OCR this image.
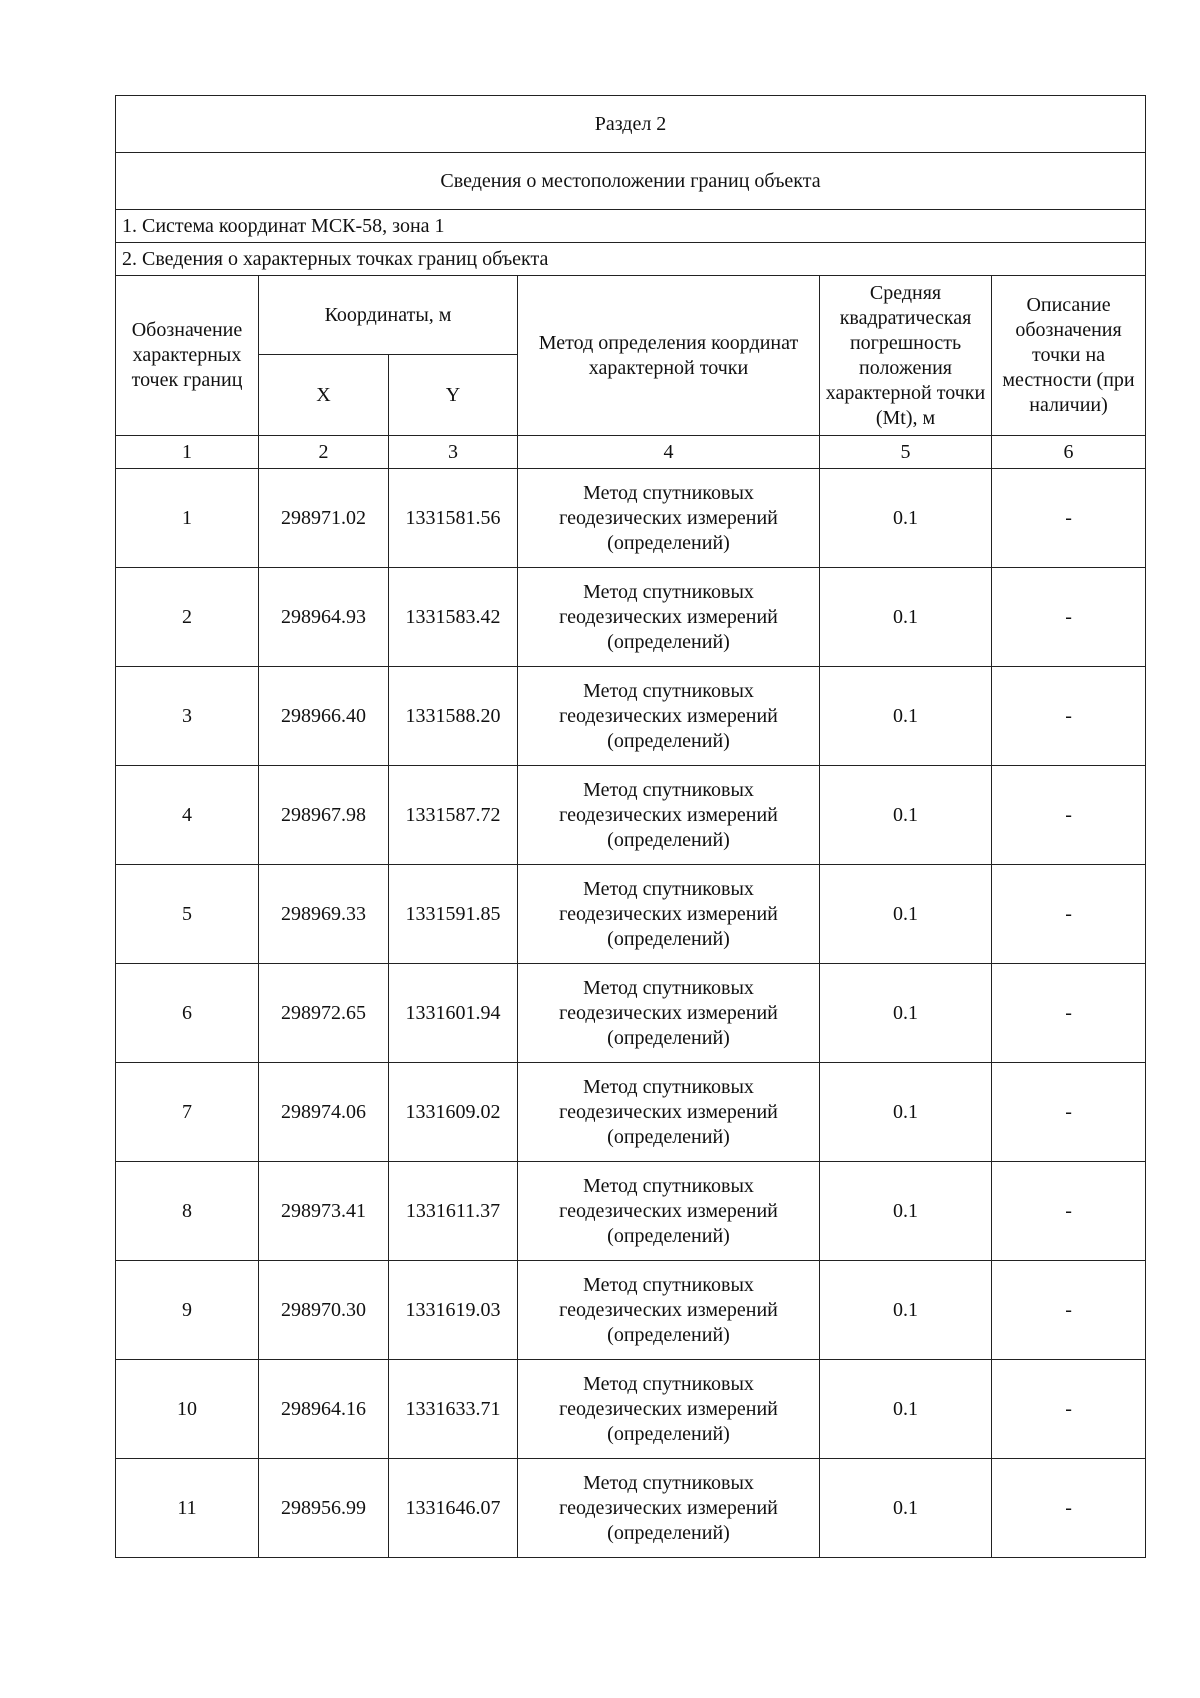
Раздел 2					
Сведения о местоположении границ объекта					
1. Система координат МСК-58, зона 1					
2. Сведения о характерных точках границ объекта					
Обозначение характерных точек границ	Координаты, м		Метод определения координат характерной точки	Средняя квадратическая погрешность положения характерной точки (Mt), м	Описание обозначения точки на местности (при наличии)
	X	Y			
1	2	3	4	5	6
1	298971.02	1331581.56	Метод спутниковых геодезических измерений (определений)	0.1	-
2	298964.93	1331583.42	Метод спутниковых геодезических измерений (определений)	0.1	-
3	298966.40	1331588.20	Метод спутниковых геодезических измерений (определений)	0.1	-
4	298967.98	1331587.72	Метод спутниковых геодезических измерений (определений)	0.1	-
5	298969.33	1331591.85	Метод спутниковых геодезических измерений (определений)	0.1	-
6	298972.65	1331601.94	Метод спутниковых геодезических измерений (определений)	0.1	-
7	298974.06	1331609.02	Метод спутниковых геодезических измерений (определений)	0.1	-
8	298973.41	1331611.37	Метод спутниковых геодезических измерений (определений)	0.1	-
9	298970.30	1331619.03	Метод спутниковых геодезических измерений (определений)	0.1	-
10	298964.16	1331633.71	Метод спутниковых геодезических измерений (определений)	0.1	-
11	298956.99	1331646.07	Метод спутниковых геодезических измерений (определений)	0.1	-
